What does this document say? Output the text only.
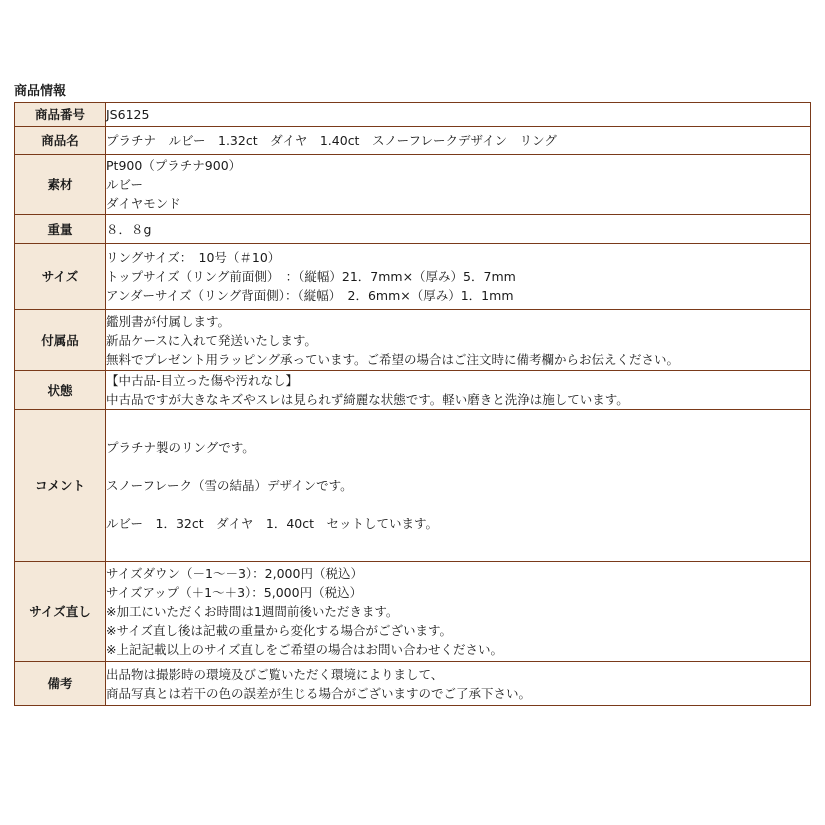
商品情報
商品番号	JS6125

商品名	プラチナ　ルビー　1.32ct　ダイヤ　1.40ct　スノーフレークデザイン　リング

素材	Pt900（プラチナ900）
ルビー
ダイヤモンド

重量	８．８g

サイズ	リングサイズ：　10号（＃10）
トップサイズ（リング前面側）　：（縦幅）21．7mm×（厚み）5．7mm
アンダーサイズ（リング背面側）：（縦幅）　2．6mm×（厚み）1．1mm

付属品	鑑別書が付属します。
新品ケースに入れて発送いたします。
無料でプレゼント用ラッピング承っています。ご希望の場合はご注文時に備考欄からお伝えください。

状態	【中古品-目立った傷や汚れなし】
中古品ですが大きなキズやスレは見られず綺麗な状態です。軽い磨きと洗浄は施しています。

コメント	プラチナ製のリングです。
スノーフレーク（雪の結晶）デザインです。
ルビー　1．32ct　ダイヤ　1．40ct　セットしています。

サイズ直し	サイズダウン（－1～－3）：2,000円（税込）
サイズアップ（＋1～＋3）：5,000円（税込）
※加工にいただくお時間は1週間前後いただきます。
※サイズ直し後は記載の重量から変化する場合がございます。
※上記記載以上のサイズ直しをご希望の場合はお問い合わせください。

備考	出品物は撮影時の環境及びご覧いただく環境によりまして、
商品写真とは若干の色の誤差が生じる場合がございますのでご了承下さい。
